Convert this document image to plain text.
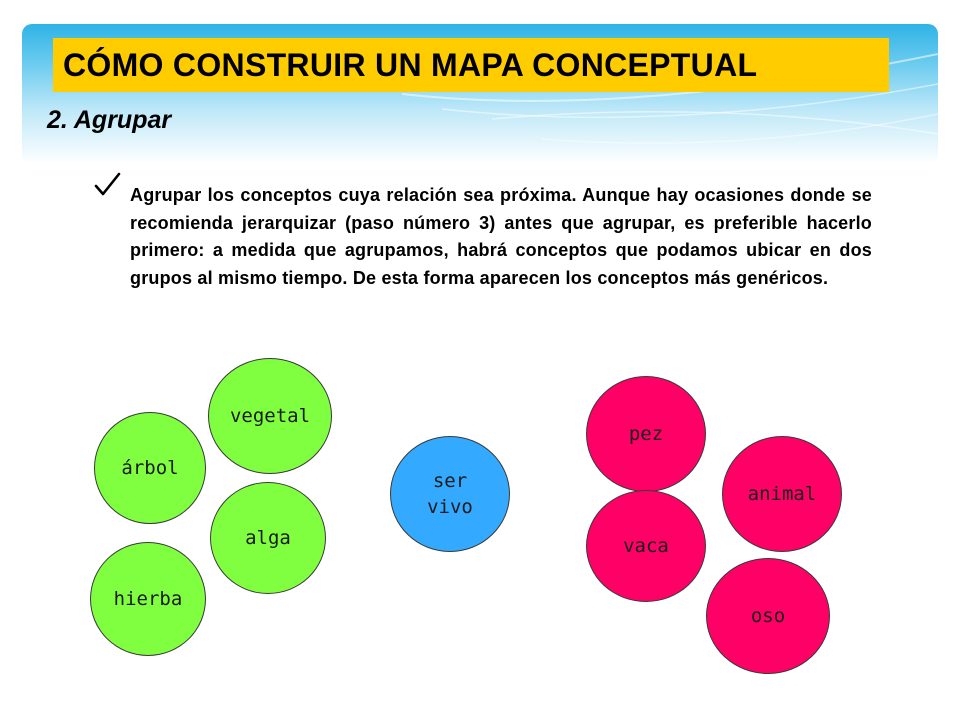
CÓMO CONSTRUIR UN MAPA CONCEPTUAL
2. Agrupar
Agrupar los conceptos cuya relación sea próxima. Aunque hay ocasiones donde se recomienda jerarquizar (paso número 3) antes que agrupar, es preferible hacerlo primero: a medida que agrupamos, habrá conceptos que podamos ubicar en dos grupos al mismo tiempo. De esta forma aparecen los conceptos más genéricos.
vegetal
árbol
alga
hierba
ser
vivo
pez
animal
vaca
oso
